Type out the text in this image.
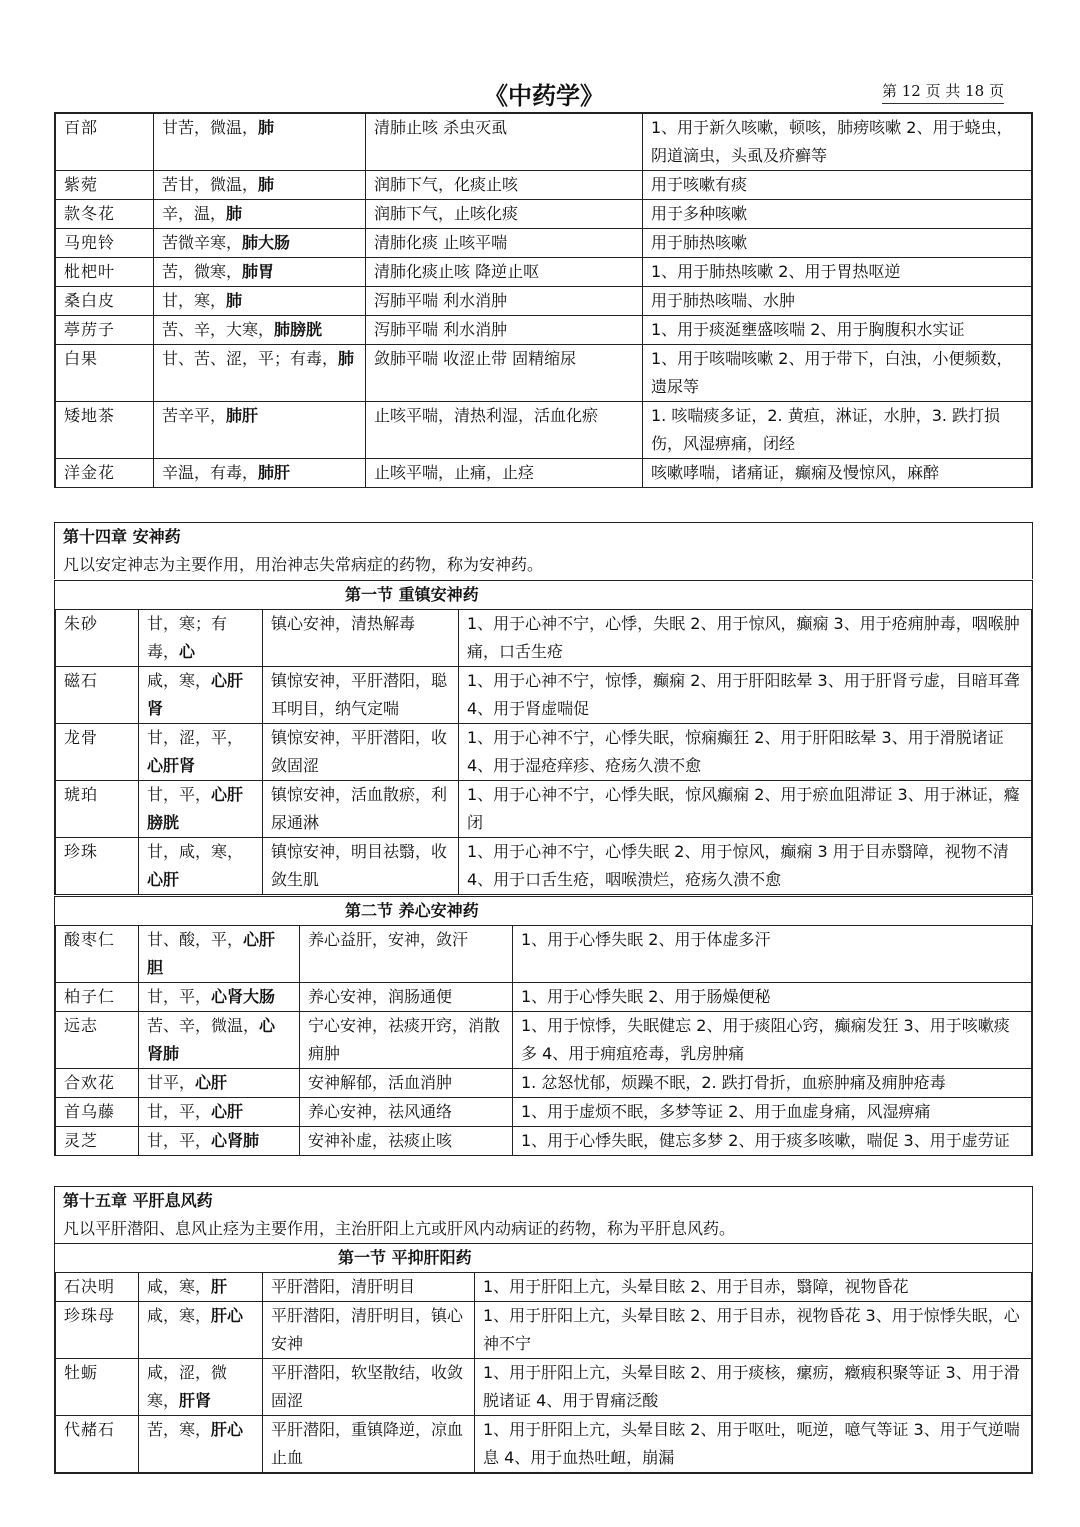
《中药学》	第 12 页 共 18 页
百部	甘苦，微温，肺	清肺止咳 杀虫灭虱	1、用于新久咳嗽，顿咳，肺痨咳嗽 2、用于蛲虫，阴道滴虫，头虱及疥癣等
紫菀	苦甘，微温，肺	润肺下气，化痰止咳	用于咳嗽有痰
款冬花	辛，温，肺	润肺下气，止咳化痰	用于多种咳嗽
马兜铃	苦微辛寒，肺大肠	清肺化痰 止咳平喘	用于肺热咳嗽
枇杷叶	苦，微寒，肺胃	清肺化痰止咳 降逆止呕	1、用于肺热咳嗽 2、用于胃热呕逆
桑白皮	甘，寒，肺	泻肺平喘 利水消肿	用于肺热咳喘、水肿
葶苈子	苦、辛，大寒，肺膀胱	泻肺平喘 利水消肿	1、用于痰涎壅盛咳喘 2、用于胸腹积水实证
白果	甘、苦、涩，平；有毒，肺	敛肺平喘 收涩止带 固精缩尿	1、用于咳喘咳嗽 2、用于带下，白浊，小便频数，遗尿等
矮地茶	苦辛平，肺肝	止咳平喘，清热利湿，活血化瘀	1. 咳喘痰多证，2. 黄疸，淋证，水肿，3. 跌打损伤，风湿痹痛，闭经
洋金花	辛温，有毒，肺肝	止咳平喘，止痛，止痉	咳嗽哮喘，诸痛证，癫痫及慢惊风，麻醉
第十四章 安神药
凡以安定神志为主要作用，用治神志失常病症的药物，称为安神药。
第一节 重镇安神药
朱砂	甘，寒；有毒，心	镇心安神，清热解毒	1、用于心神不宁，心悸，失眠 2、用于惊风，癫痫 3、用于疮痈肿毒，咽喉肿痛，口舌生疮
磁石	咸，寒，心肝肾	镇惊安神，平肝潜阳，聪耳明目，纳气定喘	1、用于心神不宁，惊悸，癫痫 2、用于肝阳眩晕 3、用于肝肾亏虚，目暗耳聋 4、用于肾虚喘促
龙骨	甘，涩，平，心肝肾	镇惊安神，平肝潜阳，收敛固涩	1、用于心神不宁，心悸失眠，惊痫癫狂 2、用于肝阳眩晕 3、用于滑脱诸证 4、用于湿疮痒疹、疮疡久溃不愈
琥珀	甘，平，心肝膀胱	镇惊安神，活血散瘀，利尿通淋	1、用于心神不宁，心悸失眠，惊风癫痫 2、用于瘀血阻滞证 3、用于淋证，癃闭
珍珠	甘，咸，寒，心肝	镇惊安神，明目祛翳，收敛生肌	1、用于心神不宁，心悸失眠 2、用于惊风，癫痫 3 用于目赤翳障，视物不清 4、用于口舌生疮，咽喉溃烂，疮疡久溃不愈
第二节 养心安神药
酸枣仁	甘、酸，平，心肝胆	养心益肝，安神，敛汗	1、用于心悸失眠 2、用于体虚多汗
柏子仁	甘，平，心肾大肠	养心安神，润肠通便	1、用于心悸失眠 2、用于肠燥便秘
远志	苦、辛，微温，心肾肺	宁心安神，祛痰开窍，消散痈肿	1、用于惊悸，失眠健忘 2、用于痰阻心窍，癫痫发狂 3、用于咳嗽痰多 4、用于痈疽疮毒，乳房肿痛
合欢花	甘平，心肝	安神解郁，活血消肿	1. 忿怒忧郁，烦躁不眠，2. 跌打骨折，血瘀肿痛及痈肿疮毒
首乌藤	甘，平，心肝	养心安神，祛风通络	1、用于虚烦不眠，多梦等证 2、用于血虚身痛，风湿痹痛
灵芝	甘，平，心肾肺	安神补虚，祛痰止咳	1、用于心悸失眠，健忘多梦 2、用于痰多咳嗽，喘促 3、用于虚劳证
第十五章 平肝息风药
凡以平肝潜阳、息风止痉为主要作用，主治肝阳上亢或肝风内动病证的药物，称为平肝息风药。
第一节 平抑肝阳药
石决明	咸，寒，肝	平肝潜阳，清肝明目	1、用于肝阳上亢，头晕目眩 2、用于目赤，翳障，视物昏花
珍珠母	咸，寒，肝心	平肝潜阳，清肝明目，镇心安神	1、用于肝阳上亢，头晕目眩 2、用于目赤，视物昏花 3、用于惊悸失眠，心神不宁
牡蛎	咸，涩，微寒，肝肾	平肝潜阳，软坚散结，收敛固涩	1、用于肝阳上亢，头晕目眩 2、用于痰核，瘰疬，癥瘕积聚等证 3、用于滑脱诸证 4、用于胃痛泛酸
代赭石	苦，寒，肝心	平肝潜阳，重镇降逆，凉血止血	1、用于肝阳上亢，头晕目眩 2、用于呕吐，呃逆，噫气等证 3、用于气逆喘息 4、用于血热吐衄，崩漏
